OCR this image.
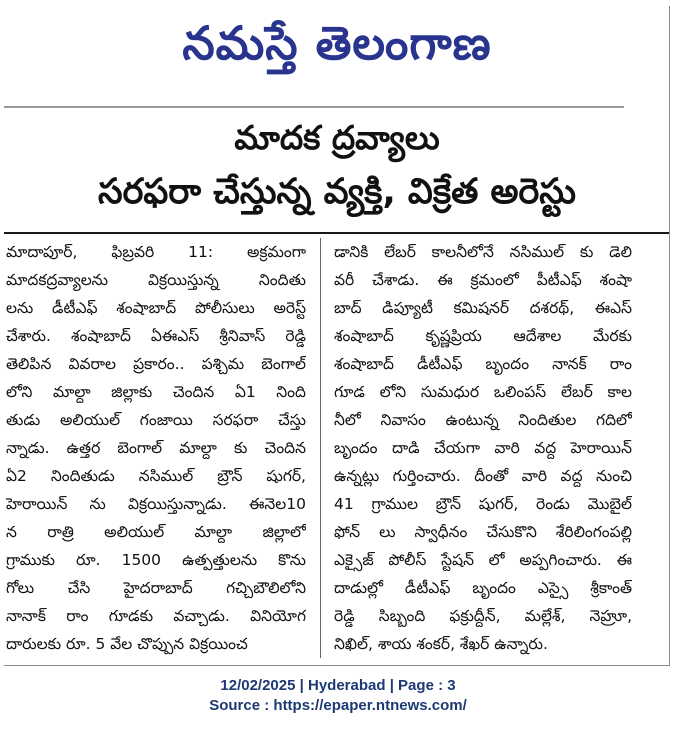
నమస్తే తెలంగాణ
మాదక ద్రవ్యాలు
సరఫరా చేస్తున్న వ్యక్తి, విక్రేత అరెస్టు
మాదాపూర్, ఫిబ్రవరి 11: అక్రమంగా
మాదకద్రవ్యాలను విక్రయిస్తున్న నిందితు
లను డీటీఎఫ్ శంషాబాద్ పోలీసులు అరెస్ట్
చేశారు. శంషాబాద్ ఏఈఎస్ శ్రీనివాస్ రెడ్డి
తెలిపిన వివరాల ప్రకారం.. పశ్చిమ బెంగాల్
లోని మాల్దా జిల్లాకు చెందిన ఏ1 నింది
తుడు అలియుల్ గంజాయి సరఫరా చేస్తు
న్నాడు. ఉత్తర బెంగాల్ మాల్దా కు చెందిన
ఏ2 నిందితుడు నసిముల్ బ్రౌన్ షుగర్,
హెరాయిన్ ను విక్రయిస్తున్నాడు. ఈనెల10
న రాత్రి అలియుల్ మాల్దా జిల్లాలో
గ్రాముకు రూ. 1500 ఉత్పత్తులను కొను
గోలు చేసి హైదరాబాద్ గచ్చిబౌలిలోని
నానాక్ రాం గూడకు వచ్చాడు. వినియోగ
దారులకు రూ. 5 వేల చొప్పున విక్రయించ
డానికి లేబర్ కాలనీలోనే నసిముల్ కు డెలి
వరీ చేశాడు. ఈ క్రమంలో పీటీఎఫ్ శంషా
బాద్ డిప్యూటీ కమిషనర్ దశరథ్, ఈఎస్
శంషాబాద్ కృష్ణప్రియ ఆదేశాల మేరకు
శంషాబాద్ డీటీఎఫ్ బృందం నానక్ రాం
గూడ లోని సుమధుర ఒలింపస్ లేబర్ కాల
నీలో నివాసం ఉంటున్న నిందితుల గదిలో
బృందం దాడి చేయగా వారి వద్ద హెరాయిన్
ఉన్నట్లు గుర్తించారు. దీంతో వారి వద్ద నుంచి
41 గ్రాముల బ్రౌన్ షుగర్, రెండు మొబైల్
ఫోన్ లు స్వాధీనం చేసుకొని శేరిలింగంపల్లి
ఎక్సైజ్ పోలీస్ స్టేషన్ లో అప్పగించారు. ఈ
దాడుల్లో డీటీఎఫ్ బృందం ఎస్సై శ్రీకాంత్
రెడ్డి సిబ్బంది ఫక్రుద్దీన్, మల్లేశ్, నెహ్రూ,
నిఖిల్, శాయ శంకర్, శేఖర్ ఉన్నారు.
12/02/2025 | Hyderabad | Page : 3
Source : https://epaper.ntnews.com/
